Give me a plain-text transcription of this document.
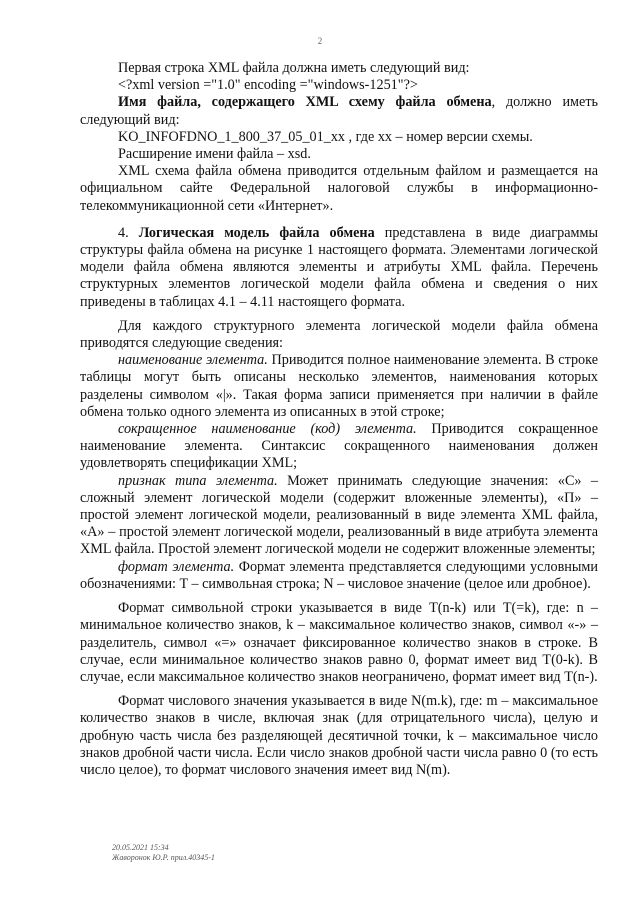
2

Первая строка XML файла должна иметь следующий вид:

<?xml version ="1.0" encoding ="windows-1251"?>

Имя файла, содержащего XML схему файла обмена, должно иметь следующий вид:

KO_INFOFDNO_1_800_37_05_01_xx , где xx – номер версии схемы.

Расширение имени файла – xsd.

XML схема файла обмена приводится отдельным файлом и размещается на официальном сайте Федеральной налоговой службы в информационно-телекоммуникационной сети «Интернет».

4. Логическая модель файла обмена представлена в виде диаграммы структуры файла обмена на рисунке 1 настоящего формата. Элементами логической модели файла обмена являются элементы и атрибуты XML файла. Перечень структурных элементов логической модели файла обмена и сведения о них приведены в таблицах 4.1 – 4.11 настоящего формата.

Для каждого структурного элемента логической модели файла обмена приводятся следующие сведения:

наименование элемента. Приводится полное наименование элемента. В строке таблицы могут быть описаны несколько элементов, наименования которых разделены символом «|». Такая форма записи применяется при наличии в файле обмена только одного элемента из описанных в этой строке;

сокращенное наименование (код) элемента. Приводится сокращенное наименование элемента. Синтаксис сокращенного наименования должен удовлетворять спецификации XML;

признак типа элемента. Может принимать следующие значения: «С» – сложный элемент логической модели (содержит вложенные элементы), «П» – простой элемент логической модели, реализованный в виде элемента XML файла, «А» – простой элемент логической модели, реализованный в виде атрибута элемента XML файла. Простой элемент логической модели не содержит вложенные элементы;

формат элемента. Формат элемента представляется следующими условными обозначениями: T – символьная строка; N – числовое значение (целое или дробное).

Формат символьной строки указывается в виде T(n-k) или T(=k), где: n – минимальное количество знаков, k – максимальное количество знаков, символ «-» – разделитель, символ «=» означает фиксированное количество знаков в строке. В случае, если минимальное количество знаков равно 0, формат имеет вид T(0-k). В случае, если максимальное количество знаков неограничено, формат имеет вид T(n-).

Формат числового значения указывается в виде N(m.k), где: m – максимальное количество знаков в числе, включая знак (для отрицательного числа), целую и дробную часть числа без разделяющей десятичной точки, k – максимальное число знаков дробной части числа. Если число знаков дробной части числа равно 0 (то есть число целое), то формат числового значения имеет вид N(m).

20.05.2021 15:34
Жаворонок Ю.Р. прил.40345-1
